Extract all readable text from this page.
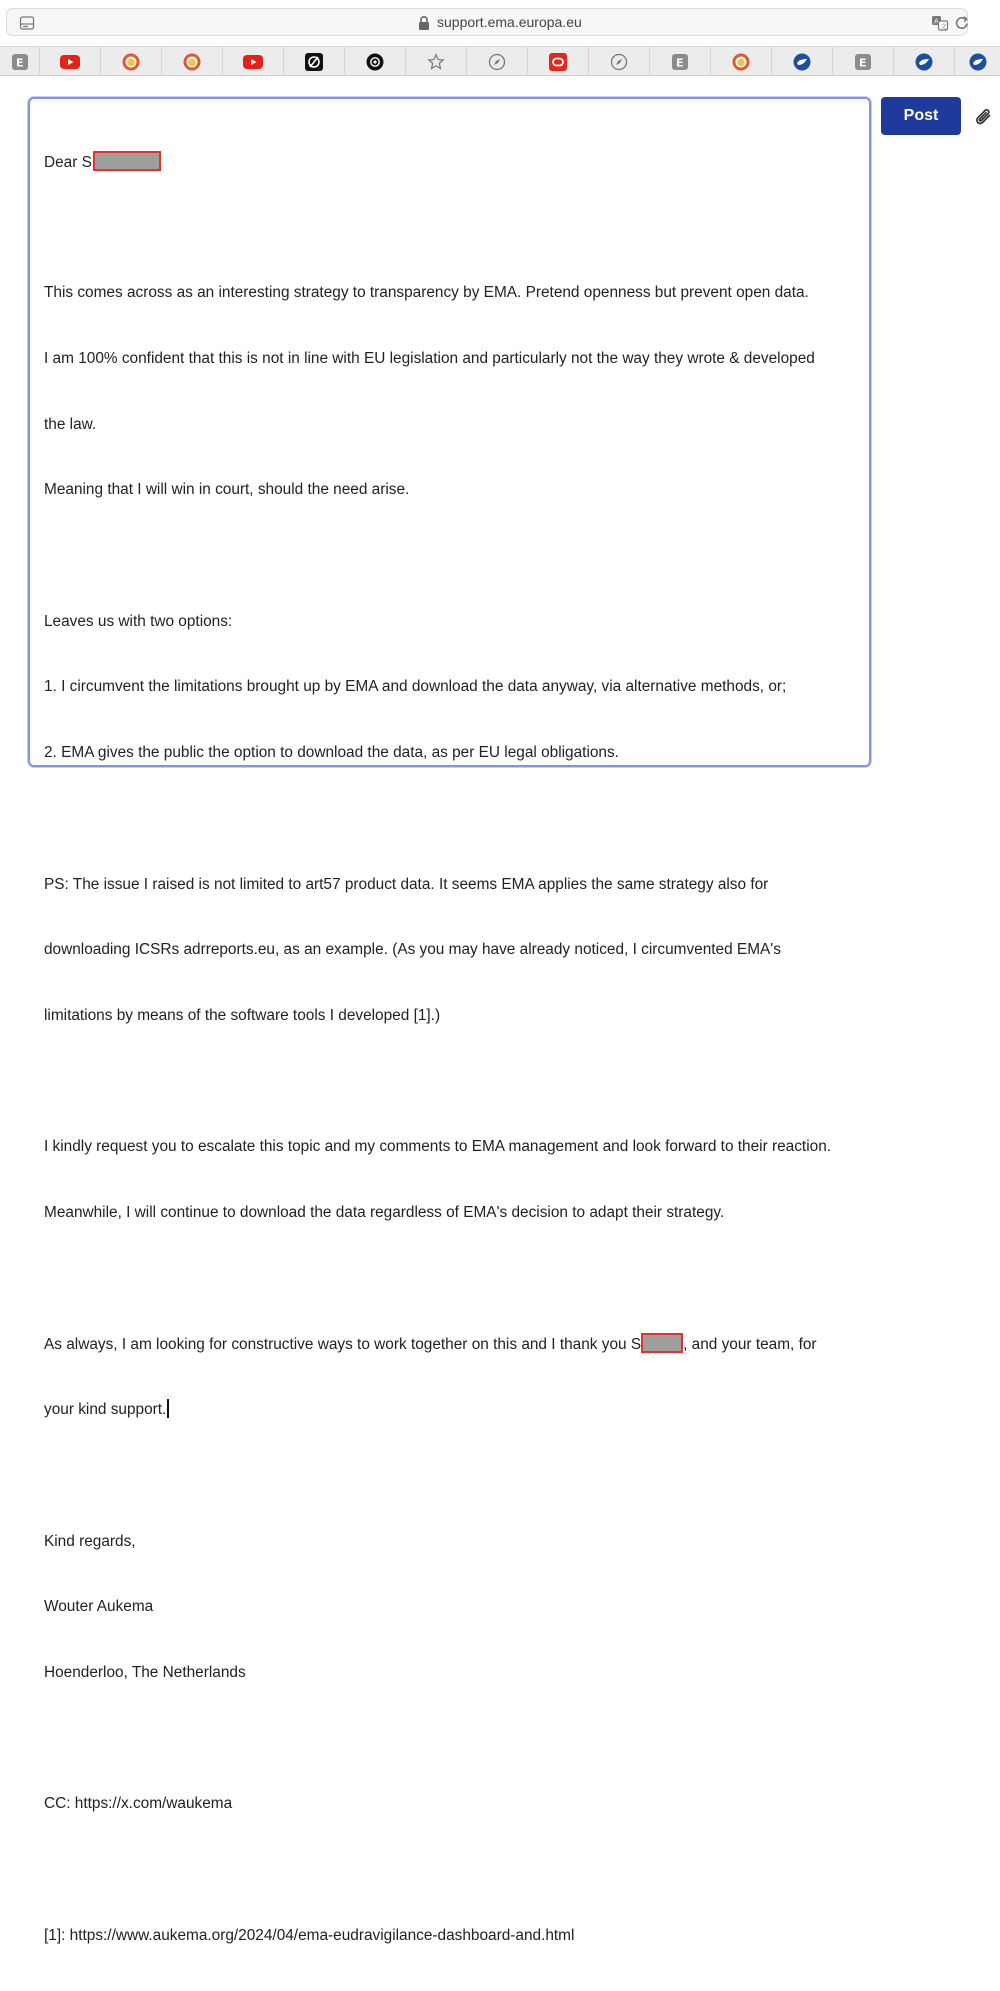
support.ema.europa.eu	A
文
E	E	E

Dear S

This comes across as an interesting strategy to transparency by EMA. Pretend openness but prevent open data.

I am 100% confident that this is not in line with EU legislation and particularly not the way they wrote & developed

the law.

Meaning that I will win in court, should the need arise.

Leaves us with two options:

1. I circumvent the limitations brought up by EMA and download the data anyway, via alternative methods, or;

2. EMA gives the public the option to download the data, as per EU legal obligations.

PS: The issue I raised is not limited to art57 product data. It seems EMA applies the same strategy also for

downloading ICSRs adrreports.eu, as an example. (As you may have already noticed, I circumvented EMA's

limitations by means of the software tools I developed [1].)

I kindly request you to escalate this topic and my comments to EMA management and look forward to their reaction.

Meanwhile, I will continue to download the data regardless of EMA's decision to adapt their strategy.

As always, I am looking for constructive ways to work together on this and I thank you S	, and your team, for

your kind support.

Kind regards,

Wouter Aukema

Hoenderloo, The Netherlands

CC: https://x.com/waukema

[1]: https://www.aukema.org/2024/04/ema-eudravigilance-dashboard-and.html

Post
